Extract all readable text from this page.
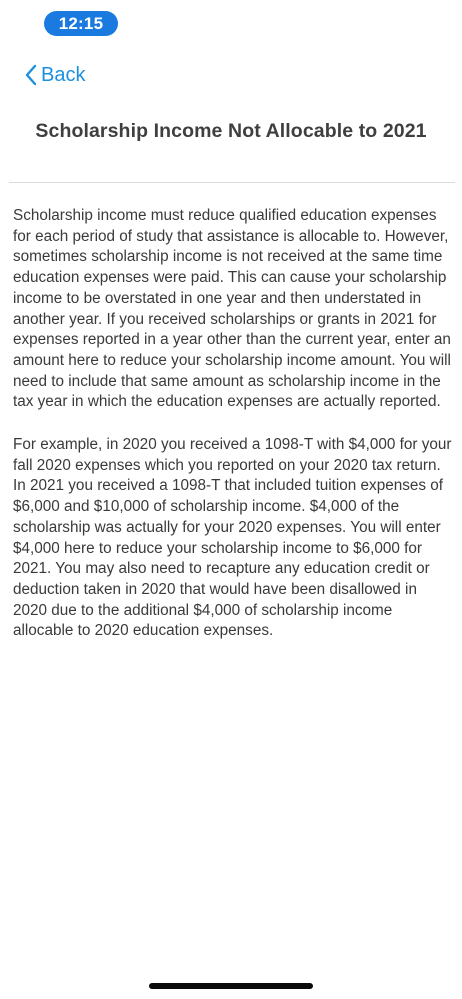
12:15
Back
Scholarship Income Not Allocable to 2021

Scholarship income must reduce qualified education expenses for each period of study that assistance is allocable to. However, sometimes scholarship income is not received at the same time education expenses were paid. This can cause your scholarship income to be overstated in one year and then understated in another year. If you received scholarships or grants in 2021 for expenses reported in a year other than the current year, enter an amount here to reduce your scholarship income amount. You will need to include that same amount as scholarship income in the tax year in which the education expenses are actually reported.

For example, in 2020 you received a 1098-T with $4,000 for your fall 2020 expenses which you reported on your 2020 tax return. In 2021 you received a 1098-T that included tuition expenses of $6,000 and $10,000 of scholarship income. $4,000 of the scholarship was actually for your 2020 expenses. You will enter $4,000 here to reduce your scholarship income to $6,000 for 2021. You may also need to recapture any education credit or deduction taken in 2020 that would have been disallowed in 2020 due to the additional $4,000 of scholarship income allocable to 2020 education expenses.
